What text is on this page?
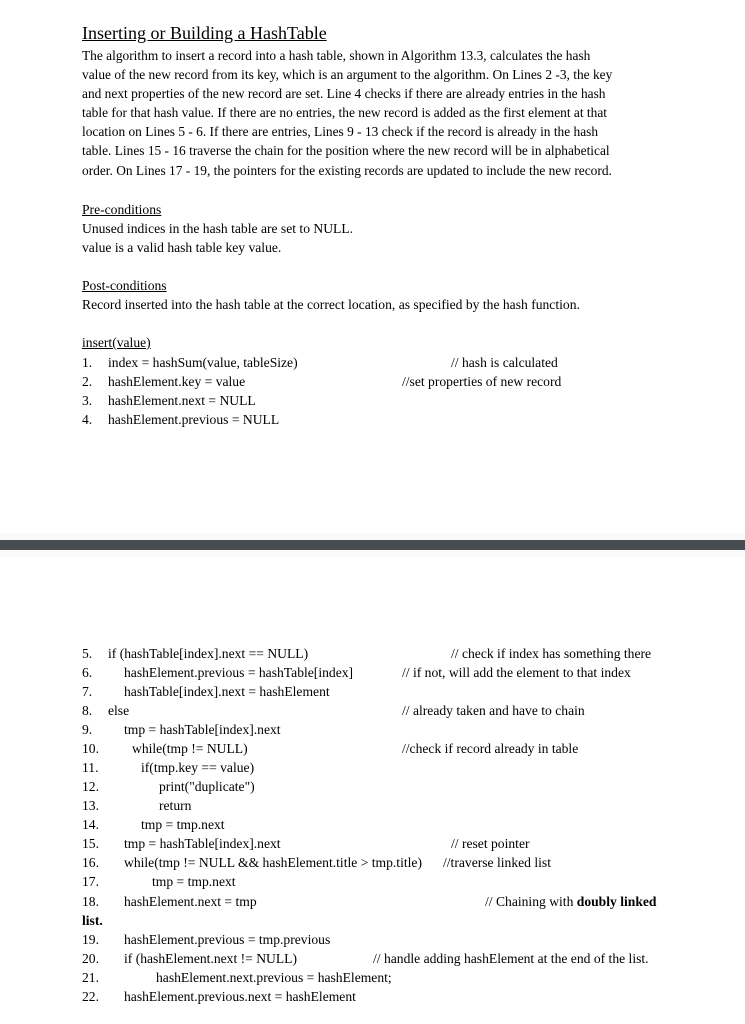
Inserting or Building a HashTable
The algorithm to insert a record into a hash table, shown in Algorithm 13.3, calculates the hash
value of the new record from its key, which is an argument to the algorithm. On Lines 2 -3, the key
and next properties of the new record are set. Line 4 checks if there are already entries in the hash
table for that hash value. If there are no entries, the new record is added as the first element at that
location on Lines 5 - 6. If there are entries, Lines 9 - 13 check if the record is already in the hash
table. Lines 15 - 16 traverse the chain for the position where the new record will be in alphabetical
order. On Lines 17 - 19, the pointers for the existing records are updated to include the new record.
Pre-conditions
Unused indices in the hash table are set to NULL.
value is a valid hash table key value.
Post-conditions
Record inserted into the hash table at the correct location, as specified by the hash function.
insert(value)
1. index = hashSum(value, tableSize)	// hash is calculated
2. hashElement.key = value	//set properties of new record
3. hashElement.next = NULL
4. hashElement.previous = NULL
5. if (hashTable[index].next == NULL)	// check if index has something there
6. hashElement.previous = hashTable[index]	// if not, will add the element to that index
7. hashTable[index].next = hashElement
8. else	// already taken and have to chain
9. tmp = hashTable[index].next
10. while(tmp != NULL)	//check if record already in table
11.	if(tmp.key == value)
12.	print("duplicate")
13.	return
14.	tmp = tmp.next
15. tmp = hashTable[index].next	// reset pointer
16. while(tmp != NULL && hashElement.title > tmp.title) //traverse linked list
17.	tmp = tmp.next
18. hashElement.next = tmp	// Chaining with doubly linked
list.
19. hashElement.previous = tmp.previous
20. if (hashElement.next != NULL)	// handle adding hashElement at the end of the list.
21.	hashElement.next.previous = hashElement;
22. hashElement.previous.next = hashElement
